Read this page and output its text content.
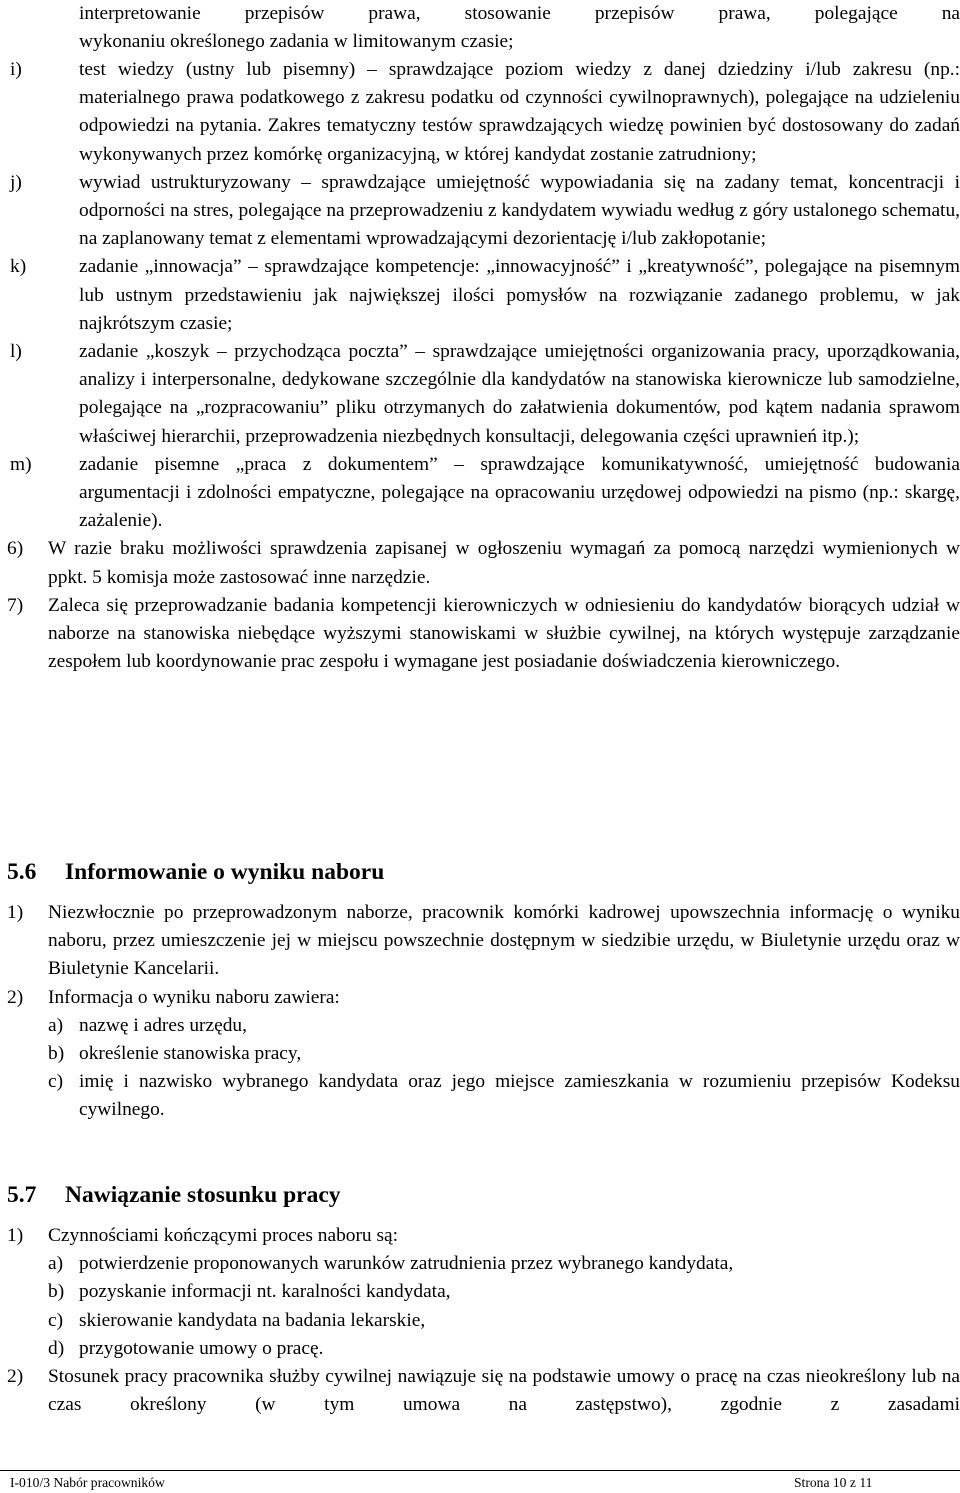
interpretowanie przepisów prawa, stosowanie przepisów prawa, polegające na

wykonaniu określonego zadania w limitowanym czasie;

i)	test wiedzy (ustny lub pisemny) – sprawdzające poziom wiedzy z danej dziedziny i/lub zakresu (np.: materialnego prawa podatkowego z zakresu podatku od czynności cywilnoprawnych), polegające na udzieleniu odpowiedzi na pytania. Zakres tematyczny testów sprawdzających wiedzę powinien być dostosowany do zadań wykonywanych przez komórkę organizacyjną, w której kandydat zostanie zatrudniony;

j)	wywiad ustrukturyzowany – sprawdzające umiejętność wypowiadania się na zadany temat, koncentracji i odporności na stres, polegające na przeprowadzeniu z kandydatem wywiadu według z góry ustalonego schematu, na zaplanowany temat z elementami wprowadzającymi dezorientację i/lub zakłopotanie;

k)	zadanie „innowacja” – sprawdzające kompetencje: „innowacyjność” i „kreatywność”, polegające na pisemnym lub ustnym przedstawieniu jak największej ilości pomysłów na rozwiązanie zadanego problemu, w jak najkrótszym czasie;

l)	zadanie „koszyk – przychodząca poczta” – sprawdzające umiejętności organizowania pracy, uporządkowania, analizy i interpersonalne, dedykowane szczególnie dla kandydatów na stanowiska kierownicze lub samodzielne, polegające na „rozpracowaniu” pliku otrzymanych do załatwienia dokumentów, pod kątem nadania sprawom właściwej hierarchii, przeprowadzenia niezbędnych konsultacji, delegowania części uprawnień itp.);

m)	zadanie pisemne „praca z dokumentem” – sprawdzające komunikatywność, umiejętność budowania argumentacji i zdolności empatyczne, polegające na opracowaniu urzędowej odpowiedzi na pismo (np.: skargę, zażalenie).

6)	W razie braku możliwości sprawdzenia zapisanej w ogłoszeniu wymagań za pomocą narzędzi wymienionych w ppkt. 5 komisja może zastosować inne narzędzie.

7)	Zaleca się przeprowadzanie badania kompetencji kierowniczych w odniesieniu do kandydatów biorących udział w naborze na stanowiska niebędące wyższymi stanowiskami w służbie cywilnej, na których występuje zarządzanie zespołem lub koordynowanie prac zespołu i wymagane jest posiadanie doświadczenia kierowniczego.

5.6 Informowanie o wyniku naboru
1)	Niezwłocznie po przeprowadzonym naborze, pracownik komórki kadrowej upowszechnia informację o wyniku naboru, przez umieszczenie jej w miejscu powszechnie dostępnym w siedzibie urzędu, w Biuletynie urzędu oraz w Biuletynie Kancelarii.

2)	Informacja o wyniku naboru zawiera:

a) nazwę i adres urzędu,

b) określenie stanowiska pracy,

c) imię i nazwisko wybranego kandydata oraz jego miejsce zamieszkania w rozumieniu przepisów Kodeksu cywilnego.

5.7 Nawiązanie stosunku pracy
1)	Czynnościami kończącymi proces naboru są:

a) potwierdzenie proponowanych warunków zatrudnienia przez wybranego kandydata,

b) pozyskanie informacji nt. karalności kandydata,

c) skierowanie kandydata na badania lekarskie,

d) przygotowanie umowy o pracę.

2)	Stosunek pracy pracownika służby cywilnej nawiązuje się na podstawie umowy o pracę na czas nieokreślony lub na czas określony (w tym umowa na zastępstwo), zgodnie z zasadami

I-010/3 Nabór pracowników	Strona 10 z 11
